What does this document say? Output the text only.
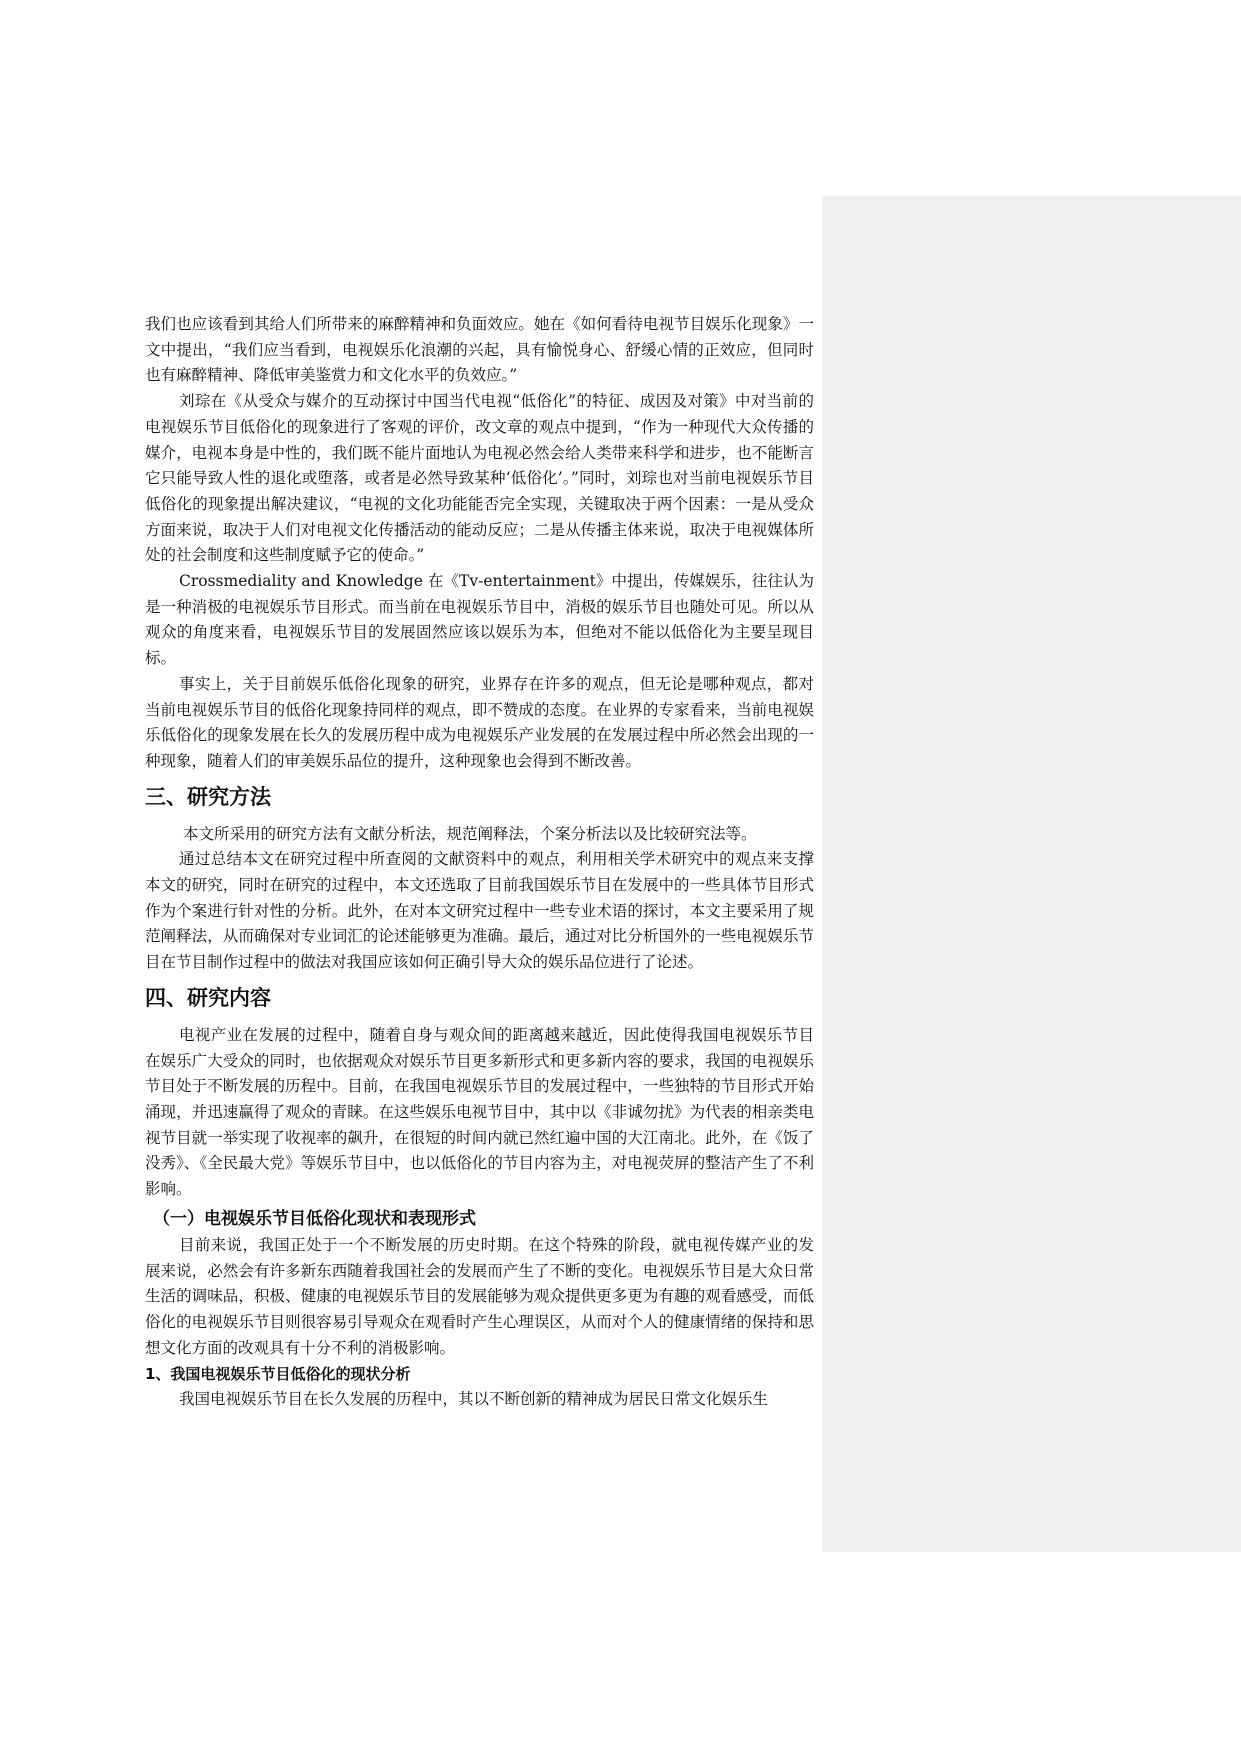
我们也应该看到其给人们所带来的麻醉精神和负面效应。她在《如何看待电视节目娱乐化现象》一文中提出，“我们应当看到，电视娱乐化浪潮的兴起，具有愉悦身心、舒缓心情的正效应，但同时也有麻醉精神、降低审美鉴赏力和文化水平的负效应。”

刘琮在《从受众与媒介的互动探讨中国当代电视“低俗化”的特征、成因及对策》中对当前的电视娱乐节目低俗化的现象进行了客观的评价，改文章的观点中提到，“作为一种现代大众传播的媒介，电视本身是中性的，我们既不能片面地认为电视必然会给人类带来科学和进步，也不能断言它只能导致人性的退化或堕落，或者是必然导致某种‘低俗化’。”同时，刘琮也对当前电视娱乐节目低俗化的现象提出解决建议，“电视的文化功能能否完全实现，关键取决于两个因素：一是从受众方面来说，取决于人们对电视文化传播活动的能动反应；二是从传播主体来说，取决于电视媒体所处的社会制度和这些制度赋予它的使命。”

Crossmediality and Knowledge 在《Tv-entertainment》中提出，传媒娱乐，往往认为是一种消极的电视娱乐节目形式。而当前在电视娱乐节目中，消极的娱乐节目也随处可见。所以从观众的角度来看，电视娱乐节目的发展固然应该以娱乐为本，但绝对不能以低俗化为主要呈现目标。

事实上，关于目前娱乐低俗化现象的研究，业界存在许多的观点，但无论是哪种观点，都对当前电视娱乐节目的低俗化现象持同样的观点，即不赞成的态度。在业界的专家看来，当前电视娱乐低俗化的现象发展在长久的发展历程中成为电视娱乐产业发展的在发展过程中所必然会出现的一种现象，随着人们的审美娱乐品位的提升，这种现象也会得到不断改善。

三、研究方法

本文所采用的研究方法有文献分析法，规范阐释法，个案分析法以及比较研究法等。

通过总结本文在研究过程中所查阅的文献资料中的观点，利用相关学术研究中的观点来支撑本文的研究，同时在研究的过程中，本文还选取了目前我国娱乐节目在发展中的一些具体节目形式作为个案进行针对性的分析。此外，在对本文研究过程中一些专业术语的探讨，本文主要采用了规范阐释法，从而确保对专业词汇的论述能够更为准确。最后，通过对比分析国外的一些电视娱乐节目在节目制作过程中的做法对我国应该如何正确引导大众的娱乐品位进行了论述。

四、研究内容

电视产业在发展的过程中，随着自身与观众间的距离越来越近，因此使得我国电视娱乐节目在娱乐广大受众的同时，也依据观众对娱乐节目更多新形式和更多新内容的要求，我国的电视娱乐节目处于不断发展的历程中。目前，在我国电视娱乐节目的发展过程中，一些独特的节目形式开始涌现，并迅速赢得了观众的青睐。在这些娱乐电视节目中，其中以《非诚勿扰》为代表的相亲类电视节目就一举实现了收视率的飙升，在很短的时间内就已然红遍中国的大江南北。此外，在《饭了没秀》、《全民最大党》等娱乐节目中，也以低俗化的节目内容为主，对电视荧屏的整洁产生了不利影响。

（一）电视娱乐节目低俗化现状和表现形式

目前来说，我国正处于一个不断发展的历史时期。在这个特殊的阶段，就电视传媒产业的发展来说，必然会有许多新东西随着我国社会的发展而产生了不断的变化。电视娱乐节目是大众日常生活的调味品，积极、健康的电视娱乐节目的发展能够为观众提供更多更为有趣的观看感受，而低俗化的电视娱乐节目则很容易引导观众在观看时产生心理误区，从而对个人的健康情绪的保持和思想文化方面的改观具有十分不利的消极影响。

1、我国电视娱乐节目低俗化的现状分析

我国电视娱乐节目在长久发展的历程中，其以不断创新的精神成为居民日常文化娱乐生
